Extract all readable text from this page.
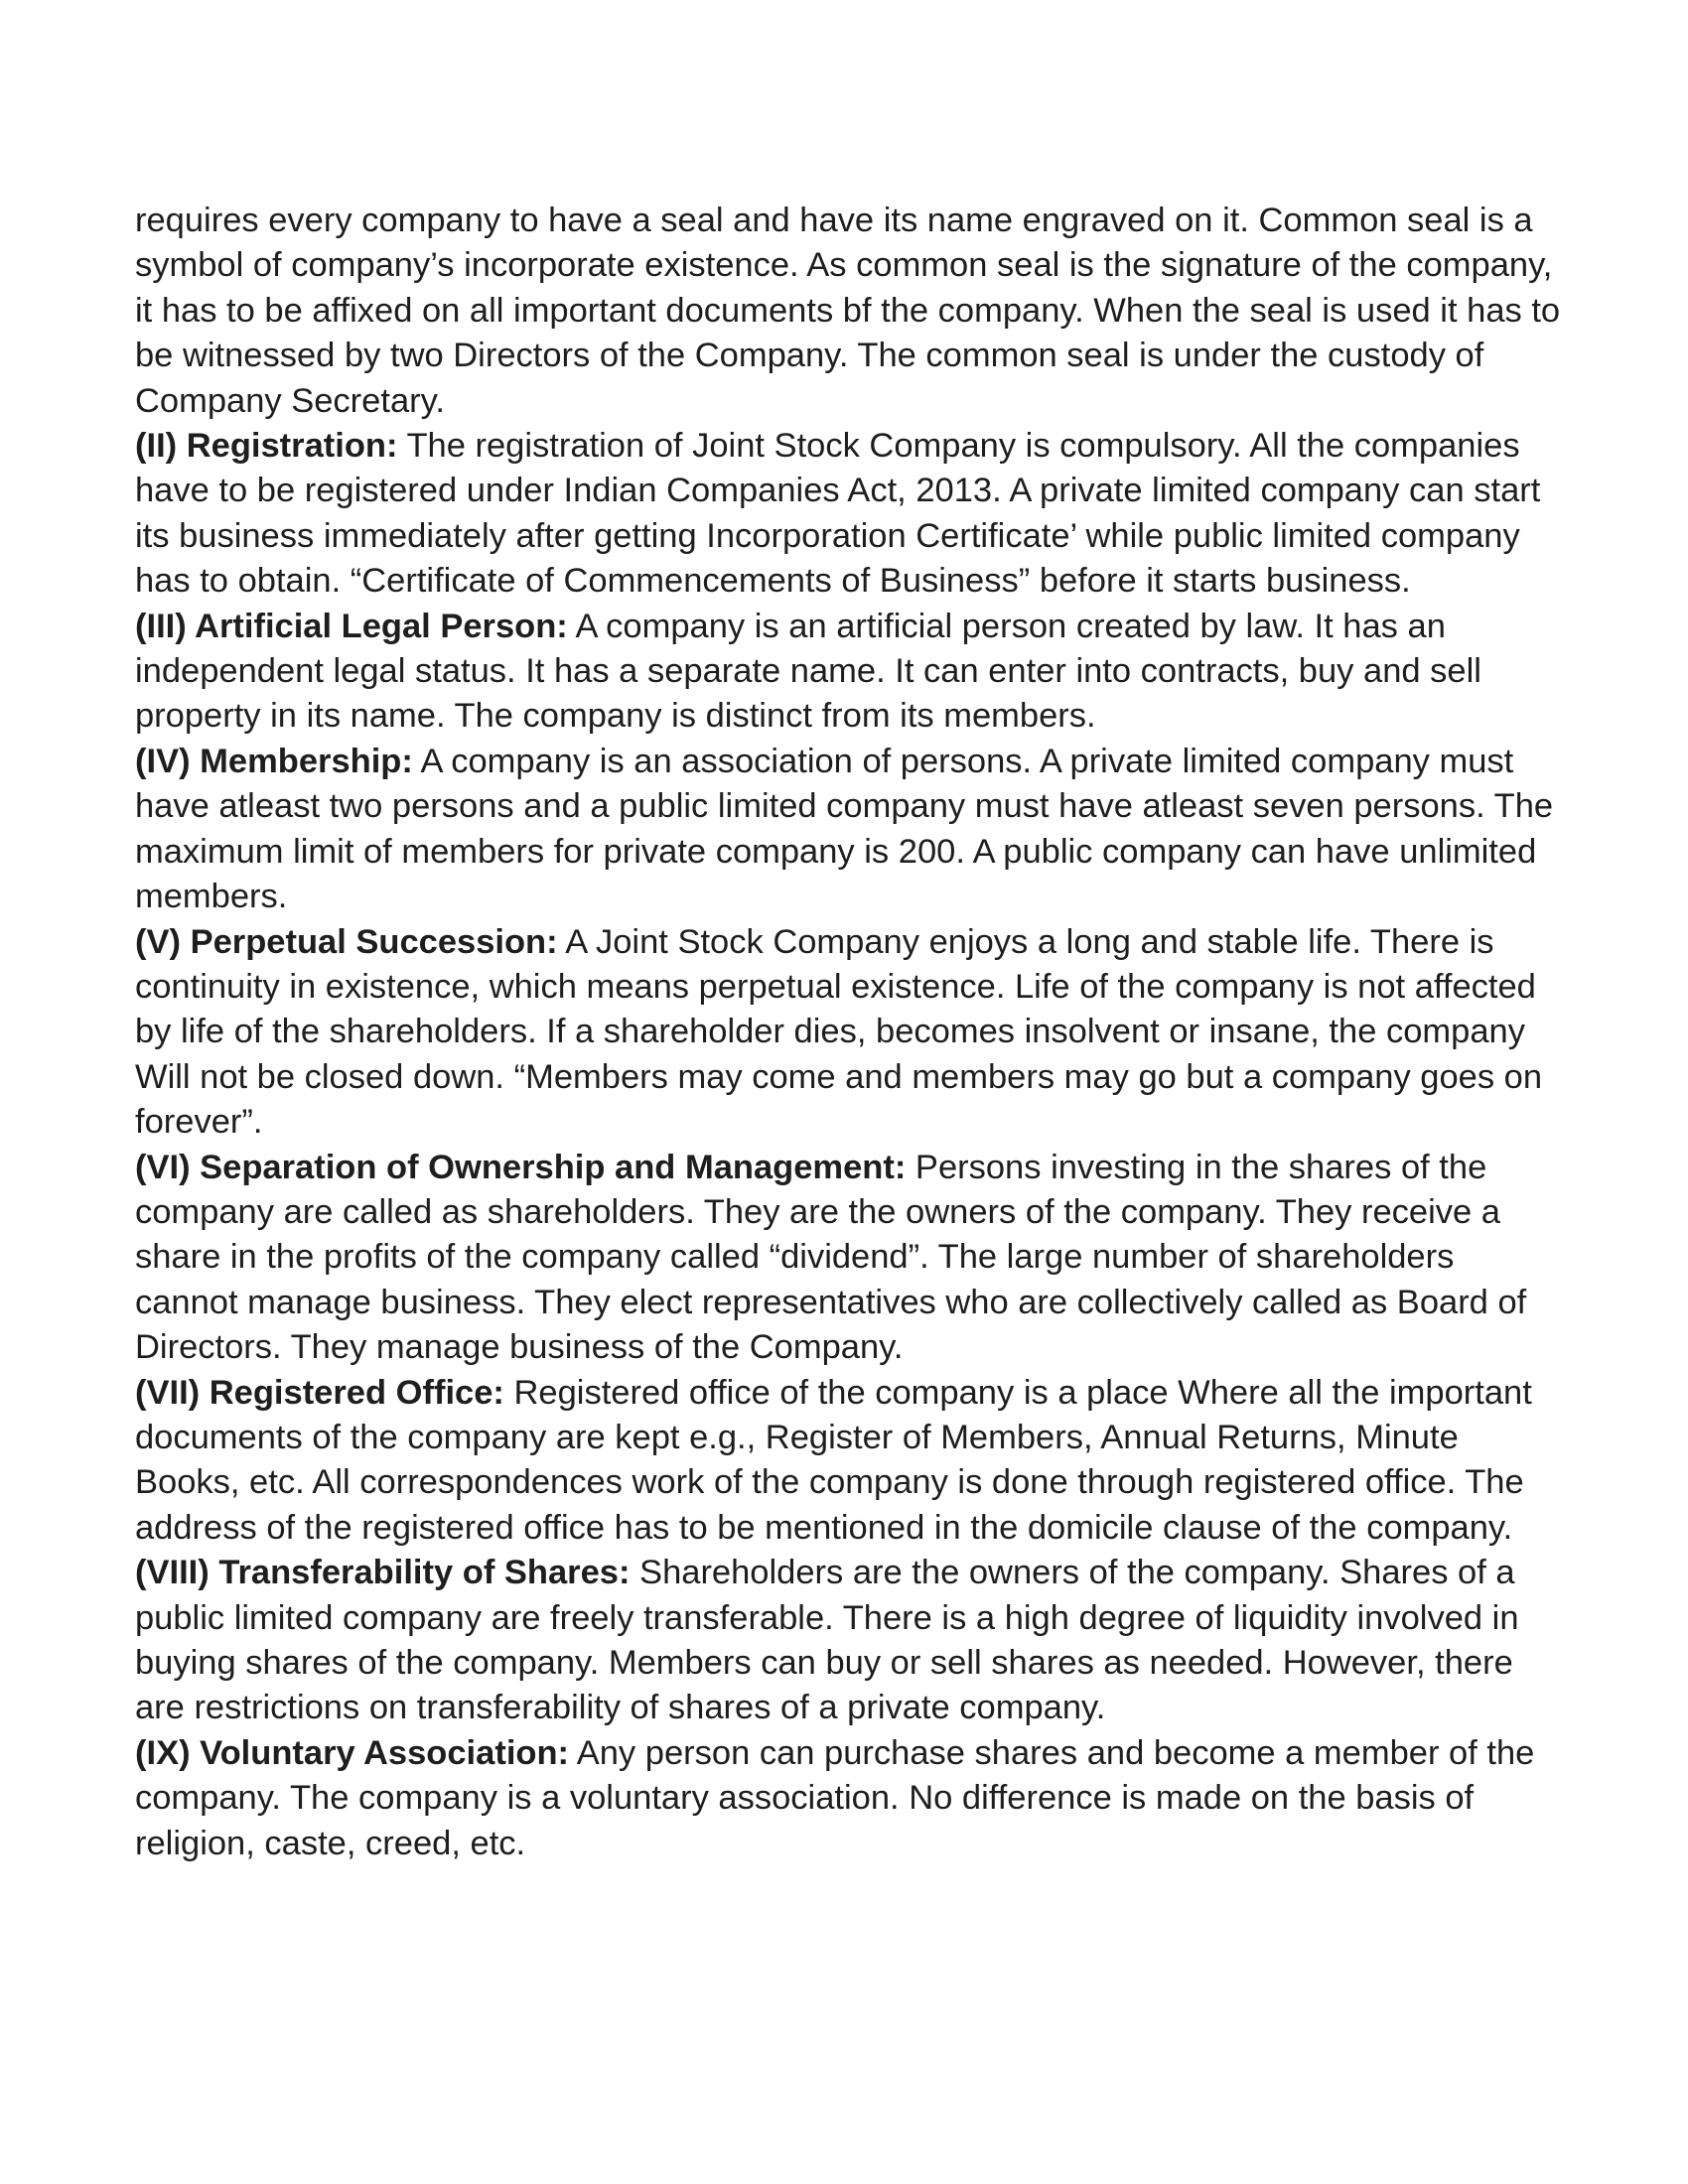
requires every company to have a seal and have its name engraved on it. Common seal is a symbol of company’s incorporate existence. As common seal is the signature of the company, it has to be affixed on all important documents bf the company. When the seal is used it has to be witnessed by two Directors of the Company. The common seal is under the custody of Company Secretary.

(II) Registration: The registration of Joint Stock Company is compulsory. All the companies have to be registered under Indian Companies Act, 2013. A private limited company can start its business immediately after getting Incorporation Certificate’ while public limited company has to obtain. “Certificate of Commencements of Business” before it starts business.

(III) Artificial Legal Person: A company is an artificial person created by law. It has an independent legal status. It has a separate name. It can enter into contracts, buy and sell property in its name. The company is distinct from its members.

(IV) Membership: A company is an association of persons. A private limited company must have atleast two persons and a public limited company must have atleast seven persons. The maximum limit of members for private company is 200. A public company can have unlimited members.

(V) Perpetual Succession: A Joint Stock Company enjoys a long and stable life. There is continuity in existence, which means perpetual existence. Life of the company is not affected by life of the shareholders. If a shareholder dies, becomes insolvent or insane, the company Will not be closed down. “Members may come and members may go but a company goes on forever”.

(VI) Separation of Ownership and Management: Persons investing in the shares of the company are called as shareholders. They are the owners of the company. They receive a share in the profits of the company called “dividend”. The large number of shareholders cannot manage business. They elect representatives who are collectively called as Board of Directors. They manage business of the Company.

(VII) Registered Office: Registered office of the company is a place Where all the important documents of the company are kept e.g., Register of Members, Annual Returns, Minute Books, etc. All correspondences work of the company is done through registered office. The address of the registered office has to be mentioned in the domicile clause of the company.

(VIII) Transferability of Shares: Shareholders are the owners of the company. Shares of a public limited company are freely transferable. There is a high degree of liquidity involved in buying shares of the company. Members can buy or sell shares as needed. However, there are restrictions on transferability of shares of a private company.

(IX) Voluntary Association: Any person can purchase shares and become a member of the company. The company is a voluntary association. No difference is made on the basis of religion, caste, creed, etc.
